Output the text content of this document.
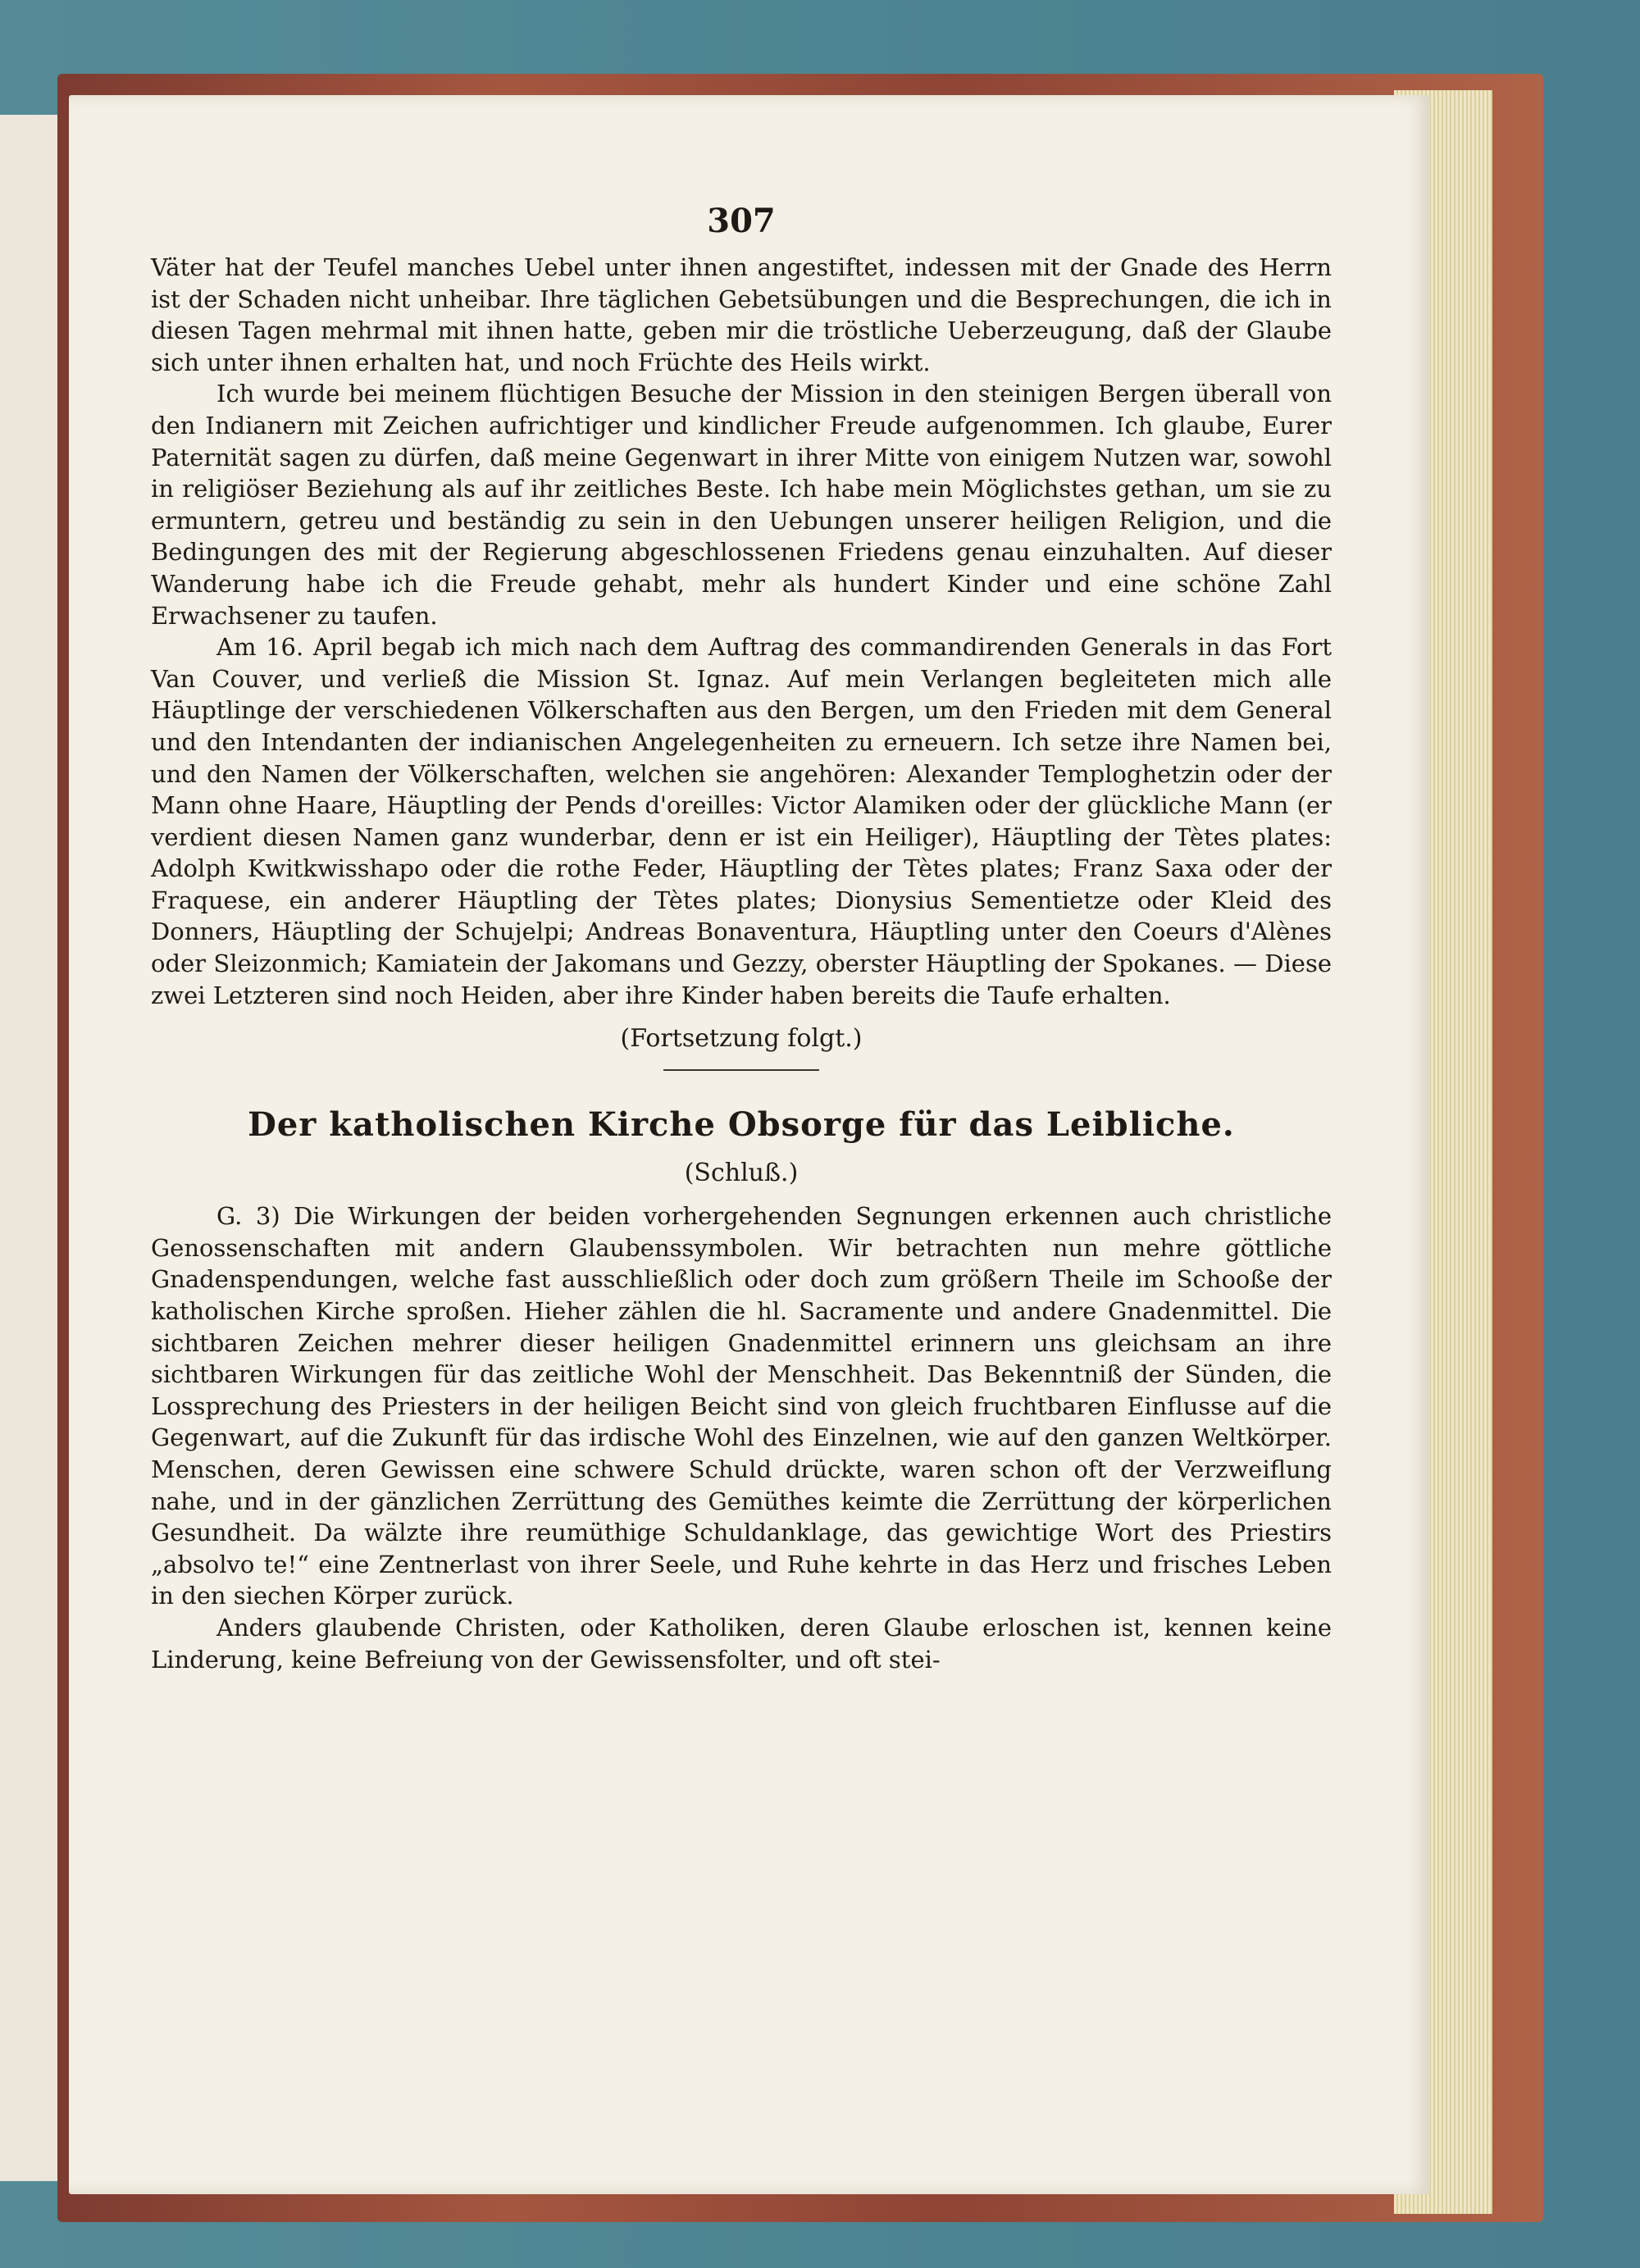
307

Väter hat der Teufel manches Uebel unter ihnen angestiftet, indessen mit der Gnade des Herrn ist der Schaden nicht unheibar. Ihre täglichen Gebetsübungen und die Besprechungen, die ich in diesen Tagen mehrmal mit ihnen hatte, geben mir die tröstliche Ueberzeugung, daß der Glaube sich unter ihnen erhalten hat, und noch Früchte des Heils wirkt.

Ich wurde bei meinem flüchtigen Besuche der Mission in den steinigen Bergen überall von den Indianern mit Zeichen aufrichtiger und kindlicher Freude aufgenommen. Ich glaube, Eurer Paternität sagen zu dürfen, daß meine Gegenwart in ihrer Mitte von einigem Nutzen war, sowohl in religiöser Beziehung als auf ihr zeitliches Beste. Ich habe mein Möglichstes gethan, um sie zu ermuntern, getreu und beständig zu sein in den Uebungen unserer heiligen Religion, und die Bedingungen des mit der Regierung abgeschlossenen Friedens genau einzuhalten. Auf dieser Wanderung habe ich die Freude gehabt, mehr als hundert Kinder und eine schöne Zahl Erwachsener zu taufen.

Am 16. April begab ich mich nach dem Auftrag des commandirenden Generals in das Fort Van Couver, und verließ die Mission St. Ignaz. Auf mein Verlangen begleiteten mich alle Häuptlinge der verschiedenen Völkerschaften aus den Bergen, um den Frieden mit dem General und den Intendanten der indianischen Angelegenheiten zu erneuern. Ich setze ihre Namen bei, und den Namen der Völkerschaften, welchen sie angehören: Alexander Temploghetzin oder der Mann ohne Haare, Häuptling der Pends d'oreilles: Victor Alamiken oder der glückliche Mann (er verdient diesen Namen ganz wunderbar, denn er ist ein Heiliger), Häuptling der Tètes plates: Adolph Kwitkwisshapo oder die rothe Feder, Häuptling der Tètes plates; Franz Saxa oder der Fraquese, ein anderer Häuptling der Tètes plates; Dionysius Sementietze oder Kleid des Donners, Häuptling der Schujelpi; Andreas Bonaventura, Häuptling unter den Coeurs d'Alènes oder Sleizonmich; Kamiatein der Jakomans und Gezzy, oberster Häuptling der Spokanes. — Diese zwei Letzteren sind noch Heiden, aber ihre Kinder haben bereits die Taufe erhalten.

(Fortsetzung folgt.)
Der katholischen Kirche Obsorge für das Leibliche.
(Schluß.)

G. 3) Die Wirkungen der beiden vorhergehenden Segnungen erkennen auch christliche Genossenschaften mit andern Glaubenssymbolen. Wir betrachten nun mehre göttliche Gnadenspendungen, welche fast ausschließlich oder doch zum größern Theile im Schooße der katholischen Kirche sproßen. Hieher zählen die hl. Sacramente und andere Gnadenmittel. Die sichtbaren Zeichen mehrer dieser heiligen Gnadenmittel erinnern uns gleichsam an ihre sichtbaren Wirkungen für das zeitliche Wohl der Menschheit. Das Bekenntniß der Sünden, die Lossprechung des Priesters in der heiligen Beicht sind von gleich fruchtbaren Einflusse auf die Gegenwart, auf die Zukunft für das irdische Wohl des Einzelnen, wie auf den ganzen Weltkörper. Menschen, deren Gewissen eine schwere Schuld drückte, waren schon oft der Verzweiflung nahe, und in der gänzlichen Zerrüttung des Gemüthes keimte die Zerrüttung der körperlichen Gesundheit. Da wälzte ihre reumüthige Schuldanklage, das gewichtige Wort des Priestirs „absolvo te!“ eine Zentnerlast von ihrer Seele, und Ruhe kehrte in das Herz und frisches Leben in den siechen Körper zurück.

Anders glaubende Christen, oder Katholiken, deren Glaube erloschen ist, kennen keine Linderung, keine Befreiung von der Gewissensfolter, und oft stei-
